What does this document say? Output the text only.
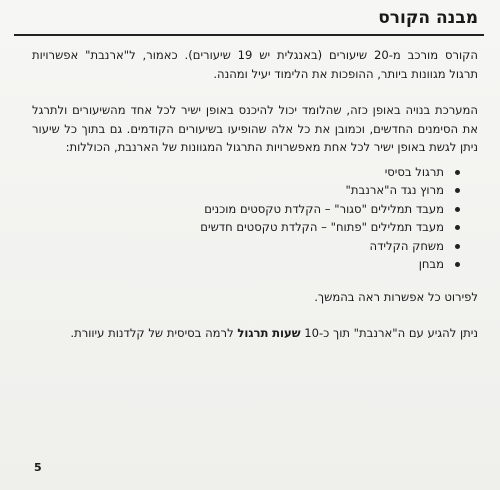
מבנה הקורס

הקורס מורכב מ-20 שיעורים (באנגלית יש 19 שיעורים). כאמור, ל"ארנבת" אפשרויות תרגול מגוונות ביותר, ההופכות את הלימוד יעיל ומהנה.

המערכת בנויה באופן כזה, שהלומד יכול להיכנס באופן ישיר לכל אחד מהשיעורים ולתרגל את הסימנים החדשים, וכמובן את כל אלה שהופיעו בשיעורים הקודמים. גם בתוך כל שיעור ניתן לגשת באופן ישיר לכל אחת מאפשרויות התרגול המגוונות של הארנבת, הכוללות:

תרגול בסיסי
מרוץ נגד ה"ארנבת"
מעבד תמלילים "סגור" – הקלדת טקסטים מוכנים
מעבד תמלילים "פתוח" – הקלדת טקסטים חדשים
משחק הקלידה
מבחן

לפירוט כל אפשרות ראה בהמשך.

ניתן להגיע עם ה"ארנבת" תוך כ-10 שעות תרגול לרמה בסיסית של קלדנות עיוורת.

5
